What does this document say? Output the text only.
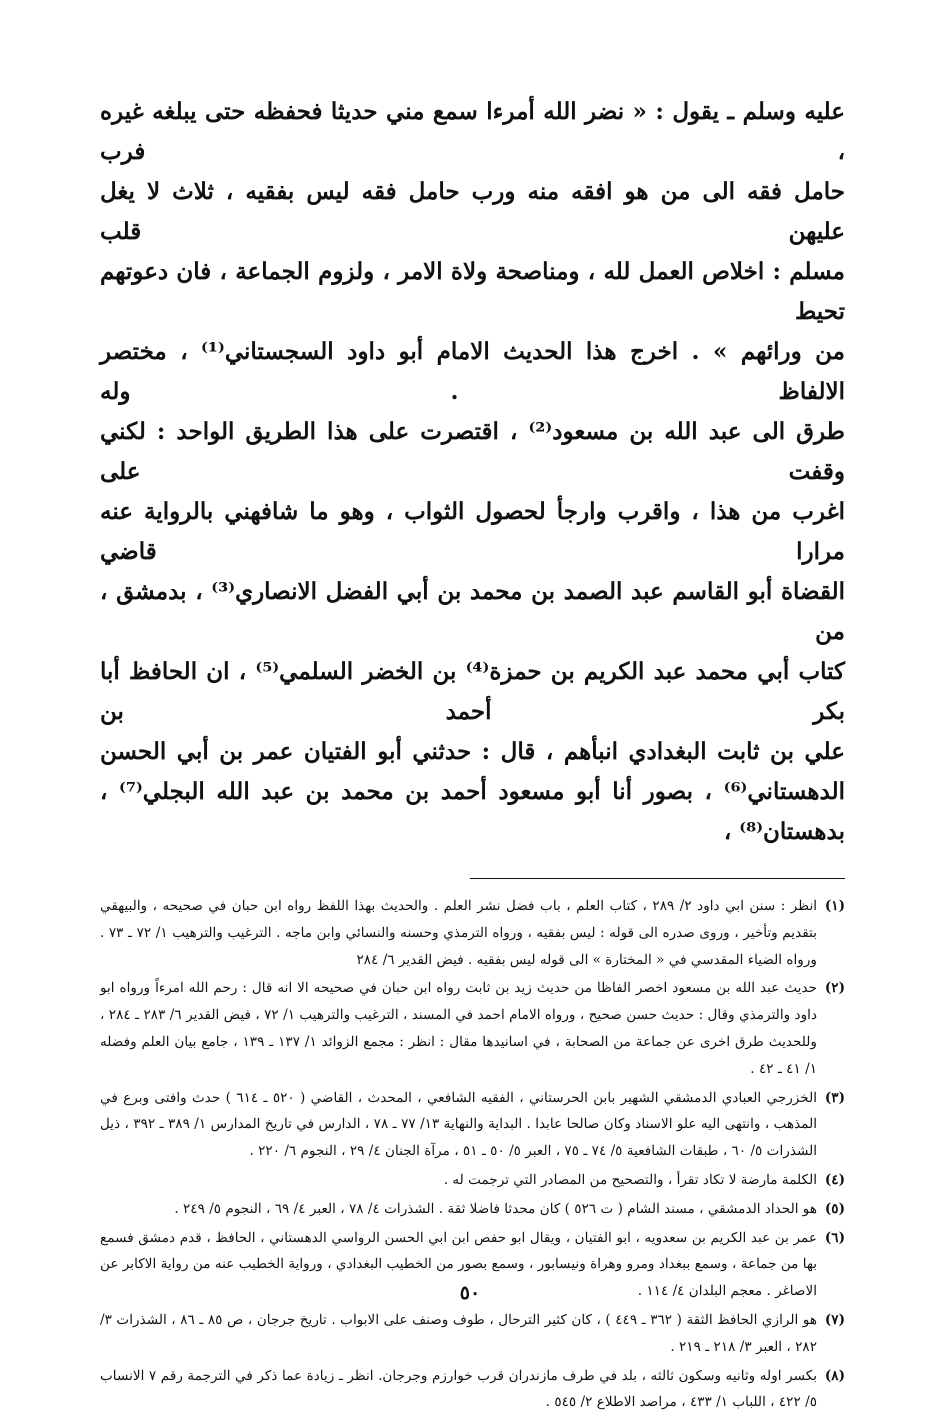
عليه وسلم ـ يقول : « نضر الله أمرءا سمع مني حديثا فحفظه حتى يبلغه غيره ، فرب

حامل فقه الى من هو افقه منه ورب حامل فقه ليس بفقيه ، ثلاث لا يغل عليهن قلب

مسلم : اخلاص العمل لله ، ومناصحة ولاة الامر ، ولزوم الجماعة ، فان دعوتهم تحيط

من ورائهم » . اخرج هذا الحديث الامام أبو داود السجستاني⁽¹⁾ ، مختصر الالفاظ . وله

طرق الى عبد الله بن مسعود⁽²⁾ ، اقتصرت على هذا الطريق الواحد : لكني وقفت على

اغرب من هذا ، واقرب وارجأ لحصول الثواب ، وهو ما شافهني بالرواية عنه مرارا قاضي

القضاة أبو القاسم عبد الصمد بن محمد بن أبي الفضل الانصاري⁽³⁾ ، بدمشق ، من

كتاب أبي محمد عبد الكريم بن حمزة⁽⁴⁾ بن الخضر السلمي⁽⁵⁾ ، ان الحافظ أبا بكر أحمد بن

علي بن ثابت البغدادي انبأهم ، قال : حدثني أبو الفتيان عمر بن أبي الحسن

الدهستاني⁽⁶⁾ ، بصور أنا أبو مسعود أحمد بن محمد بن عبد الله البجلي⁽⁷⁾ ، بدهستان⁽⁸⁾ ،

(١)
انظر : سنن ابي داود ٢/ ٢٨٩ ، كتاب العلم ، باب فضل نشر العلم . والحديث بهذا اللفظ رواه ابن حبان في صحيحه ، والبيهقي بتقديم وتأخير ، وروى صدره الى قوله : ليس بفقيه ، ورواه الترمذي وحسنه والنسائي وابن ماجه . الترغيب والترهيب ١/ ٧٢ ـ ٧٣ . ورواه الضياء المقدسي في « المختارة » الى قوله ليس بفقيه . فيض القدير ٦/ ٢٨٤
(٢)
حديث عبد الله بن مسعود اخصر الفاظا من حديث زيد بن ثابت رواه ابن حبان في صحيحه الا انه قال : رحم الله امرءاً ورواه ابو داود والترمذي وقال : حديث حسن صحيح ، ورواه الامام احمد في المسند ، الترغيب والترهيب ١/ ٧٢ ، فيض القدير ٦/ ٢٨٣ ـ ٢٨٤ ، وللحديث طرق اخرى عن جماعة من الصحابة ، في اسانيدها مقال : انظر : مجمع الزوائد ١/ ١٣٧ ـ ١٣٩ ، جامع بيان العلم وفضله ١/ ٤١ ـ ٤٢ .
(٣)
الخزرجي العبادي الدمشقي الشهير بابن الحرستاني ، الفقيه الشافعي ، المحدث ، القاضي ( ٥٢٠ ـ ٦١٤ ) حدث وافتى وبرع في المذهب ، وانتهى اليه علو الاسناد وكان صالحا عابدا . البداية والنهاية ١٣/ ٧٧ ـ ٧٨ ، الدارس في تاريخ المدارس ١/ ٣٨٩ ـ ٣٩٢ ، ذيل الشذرات ٥/ ٦٠ ، طبقات الشافعية ٥/ ٧٤ ـ ٧٥ ، العبر ٥/ ٥٠ ـ ٥١ ، مرآة الجنان ٤/ ٢٩ ، النجوم ٦/ ٢٢٠ .
(٤)
الكلمة مارضة لا تكاد تقرأ ، والتصحيح من المصادر التي ترجمت له .
(٥)
هو الحداد الدمشقي ، مسند الشام ( ت ٥٢٦ ) كان محدثا فاضلا ثقة . الشذرات ٤/ ٧٨ ، العبر ٤/ ٦٩ ، النجوم ٥/ ٢٤٩ .
(٦)
عمر بن عبد الكريم بن سعدويه ، ابو الفتيان ، ويقال ابو حفص ابن ابي الحسن الرواسي الدهستاني ، الحافظ ، قدم دمشق فسمع بها من جماعة ، وسمع ببغداد ومرو وهراة ونيسابور ، وسمع بصور من الخطيب البغدادي ، ورواية الخطيب عنه من رواية الاكابر عن الاصاغر . معجم البلدان ٤/ ١١٤ .
(٧)
هو الرازي الحافظ الثقة ( ٣٦٢ ـ ٤٤٩ ) ، كان كثير الترحال ، طوف وصنف على الابواب . تاريخ جرجان ، ص ٨٥ ـ ٨٦ ، الشذرات ٣/ ٢٨٢ ، العبر ٣/ ٢١٨ ـ ٢١٩ .
(٨)
بكسر اوله وثانيه وسكون ثالثه ، بلد في طرف مازندران قرب خوارزم وجرجان. انظر ـ زيادة عما ذكر في الترجمة رقم ٧ الانساب ٥/ ٤٢٢ ، اللباب ١/ ٤٣٣ ، مراصد الاطلاع ٢/ ٥٤٥ .
٥٠
